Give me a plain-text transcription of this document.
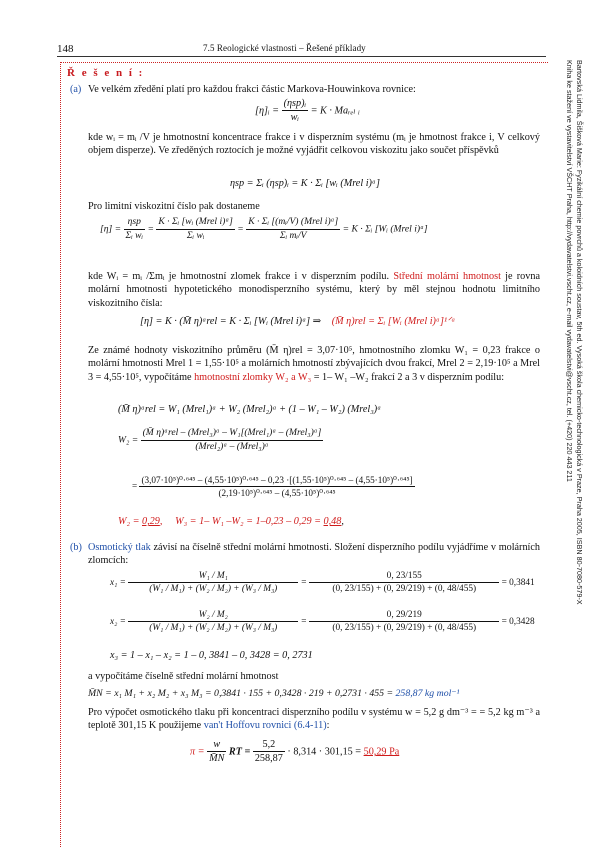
148	7.5 Reologické vlastnosti – Řešené příklady
Bartovská Lidmila, Šišková Marie: Fyzikální chemie povrchů a koloidních soustav, 5th ed. Vysoká škola chemicko-technologická v Praze, Praha 2005, ISBN 80-7080-579-X
Kniha ke stažení ve vystavitelství VŠCHT Praha, http://vydavatelstvi.vscht.cz, e-mail vydavatelstvi@vscht.cz, tel. (+420) 220 443 211
Ř e š e n í :
(a) Ve velkém zředění platí pro každou frakci částic Markova-Houwinkova rovnice:
[η]ᵢ = $\frac{\text{(ηsp)ᵢ}}{\text{wᵢ}} = K$ · Maᵣₑₗ ᵢ
kde wᵢ = mᵢ /V je hmotnostní koncentrace frakce i v disperzním systému (mᵢ je hmotnost frakce i, V celkový objem disperze). Ve zředěných roztocích je možné vyjádřit celkovou viskozitu jako součet příspěvků
ηsp = Σᵢ (ηsp)ᵢ = K · Σᵢ [wᵢ (Mrel i)ᵃ]
Pro limitní viskozitní číslo pak dostaneme
$[\eta] = \frac{\text{ηsp}}{\text{Σᵢ wᵢ}} = \frac{\text{K · Σᵢ [wᵢ (Mrel i)ᵃ]}}{\text{Σᵢ wᵢ}} = \frac{\text{K · Σᵢ [(mᵢ/V) (Mrel i)ᵃ]}}{\text{Σᵢ mᵢ/V}} = K$ · Σᵢ [Wᵢ (Mrel i)ᵃ]
kde Wᵢ = mᵢ /Σmᵢ je hmotnostní zlomek frakce i v disperzním podílu. Střední molární hmotnost je rovna molární hmotnosti hypotetického monodisperzního systému, který by měl stejnou hodnotu limitního viskozitního čísla:
[η] = K · (M̄ η)ᵃrel = K · Σᵢ [Wᵢ (Mrel i)ᵃ] ⇒ (M̄ η)rel = Σᵢ [Wᵢ (Mrel i)ᵃ]¹ᐟᵃ
Ze známé hodnoty viskozitního průměru (M̄ η)rel = 3,07·10⁵, hmotnostního zlomku W₁ = 0,23 frakce o molární hmotnosti Mrel 1 = 1,55·10⁵ a molárních hmotností zbývajících dvou frakcí, Mrel 2 = 2,19·10⁵ a Mrel 3 = 4,55·10⁵, vypočítáme hmotnostní zlomky W₂ a W₃ = 1– W₁ –W₂ frakcí 2 a 3 v disperzním podílu:
(M̄ η)ᵃrel = W₁ (Mrel₁)ᵃ + W₂ (Mrel₂)ᵃ + (1 – W₁ – W₂) (Mrel₃)ᵃ
$W_2 = \frac{\text{(M̄ η)ᵃrel – (Mrel₃)ᵃ – W₁[(Mrel₁)ᵃ – (Mrel₃)ᵃ]}}{\text{(Mrel₂)ᵃ – (Mrel₃)ᵃ}}$
=
(3,07·10⁵)⁰·⁶⁴⁵ – (4,55·10⁵)⁰·⁶⁴⁵ – 0,23 ·[(1,55·10⁵)⁰·⁶⁴⁵ – (4,55·10⁵)⁰·⁶⁴⁵]
(2,19·10⁵)⁰·⁶⁴⁵ – (4,55·10⁵)⁰·⁶⁴⁵
W₂ = 0,29,     W₃ = 1– W₁ –W₂ = 1–0,23 – 0,29 = 0,48,
(b) Osmotický tlak závisí na číselně střední molární hmotnosti. Složení disperzního podílu vyjádříme v molárních zlomcích:
$x_1 = \frac{\text{W₁ / M₁}}{\text{(W₁ / M₁) + (W₂ / M₂) + (W₃ / M₃)}} = \frac{0, 23/155}{(0, 23/155) + (0, 29/219) + (0, 48/455)} = 0,3841$
$x_2 = \frac{\text{W₂ / M₂}}{\text{(W₁ / M₁) + (W₂ / M₂) + (W₃ / M₃)}} = \frac{0, 29/219}{(0, 23/155) + (0, 29/219) + (0, 48/455)} = 0,3428$
x₃ = 1 – x₁ – x₂ = 1 – 0, 3841 – 0, 3428 = 0, 2731
a vypočítáme číselně střední molární hmotnost
M̄N = x₁ M₁ + x₂ M₂ + x₃ M₃ = 0,3841 · 155 + 0,3428 · 219 + 0,2731 · 455 = 258,87 kg mol⁻¹
Pro výpočet osmotického tlaku při koncentraci disperzního podílu v systému w = 5,2 g dm⁻³ = = 5,2 kg m⁻³ a teplotě 301,15 K použijeme van't Hoffovu rovnici (6.4-11):
$\pi = \frac{w}{M̄N}$ RT = $\frac{5,2}{258,87} \cdot 8,314 \cdot 301,15 = 50,29$ Pa
